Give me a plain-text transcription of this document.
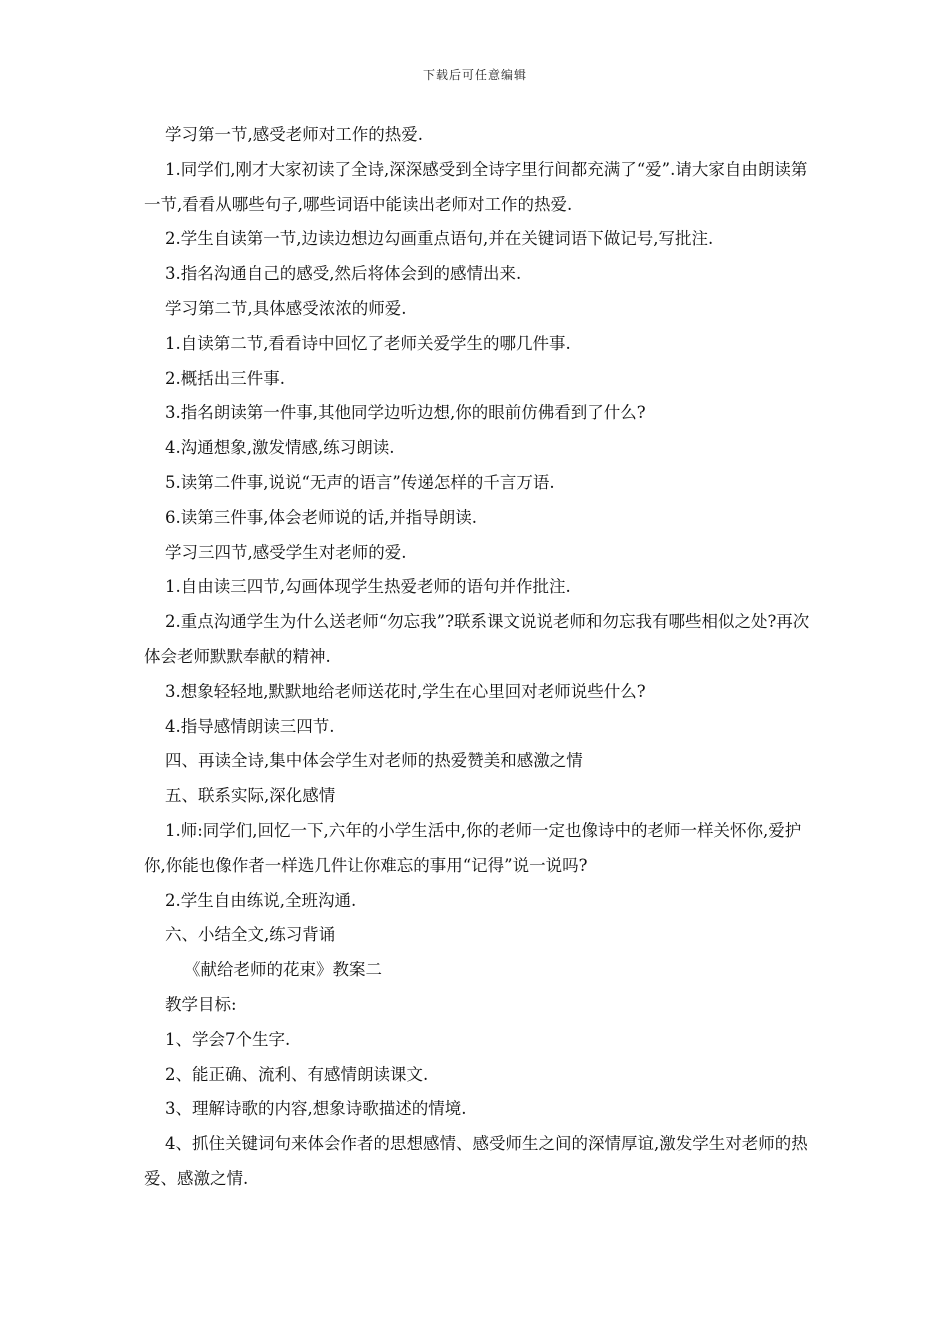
下载后可任意编辑

学习第一节,感受老师对工作的热爱.

1.同学们,刚才大家初读了全诗,深深感受到全诗字里行间都充满了“爱”.请大家自由朗读第一节,看看从哪些句子,哪些词语中能读出老师对工作的热爱.

2.学生自读第一节,边读边想边勾画重点语句,并在关键词语下做记号,写批注.

3.指名沟通自己的感受,然后将体会到的感情出来.

学习第二节,具体感受浓浓的师爱.

1.自读第二节,看看诗中回忆了老师关爱学生的哪几件事.

2.概括出三件事.

3.指名朗读第一件事,其他同学边听边想,你的眼前仿佛看到了什么?

4.沟通想象,激发情感,练习朗读.

5.读第二件事,说说“无声的语言”传递怎样的千言万语.

6.读第三件事,体会老师说的话,并指导朗读.

学习三四节,感受学生对老师的爱.

1.自由读三四节,勾画体现学生热爱老师的语句并作批注.

2.重点沟通学生为什么送老师“勿忘我”?联系课文说说老师和勿忘我有哪些相似之处?再次体会老师默默奉献的精神.

3.想象轻轻地,默默地给老师送花时,学生在心里回对老师说些什么?

4.指导感情朗读三四节.

四、再读全诗,集中体会学生对老师的热爱赞美和感激之情

五、联系实际,深化感情

1.师:同学们,回忆一下,六年的小学生活中,你的老师一定也像诗中的老师一样关怀你,爱护你,你能也像作者一样选几件让你难忘的事用“记得”说一说吗?

2.学生自由练说,全班沟通.

六、小结全文,练习背诵

《献给老师的花束》教案二

教学目标:

1、学会7个生字.

2、能正确、流利、有感情朗读课文.

3、理解诗歌的内容,想象诗歌描述的情境.

4、抓住关键词句来体会作者的思想感情、感受师生之间的深情厚谊,激发学生对老师的热爱、感激之情.
